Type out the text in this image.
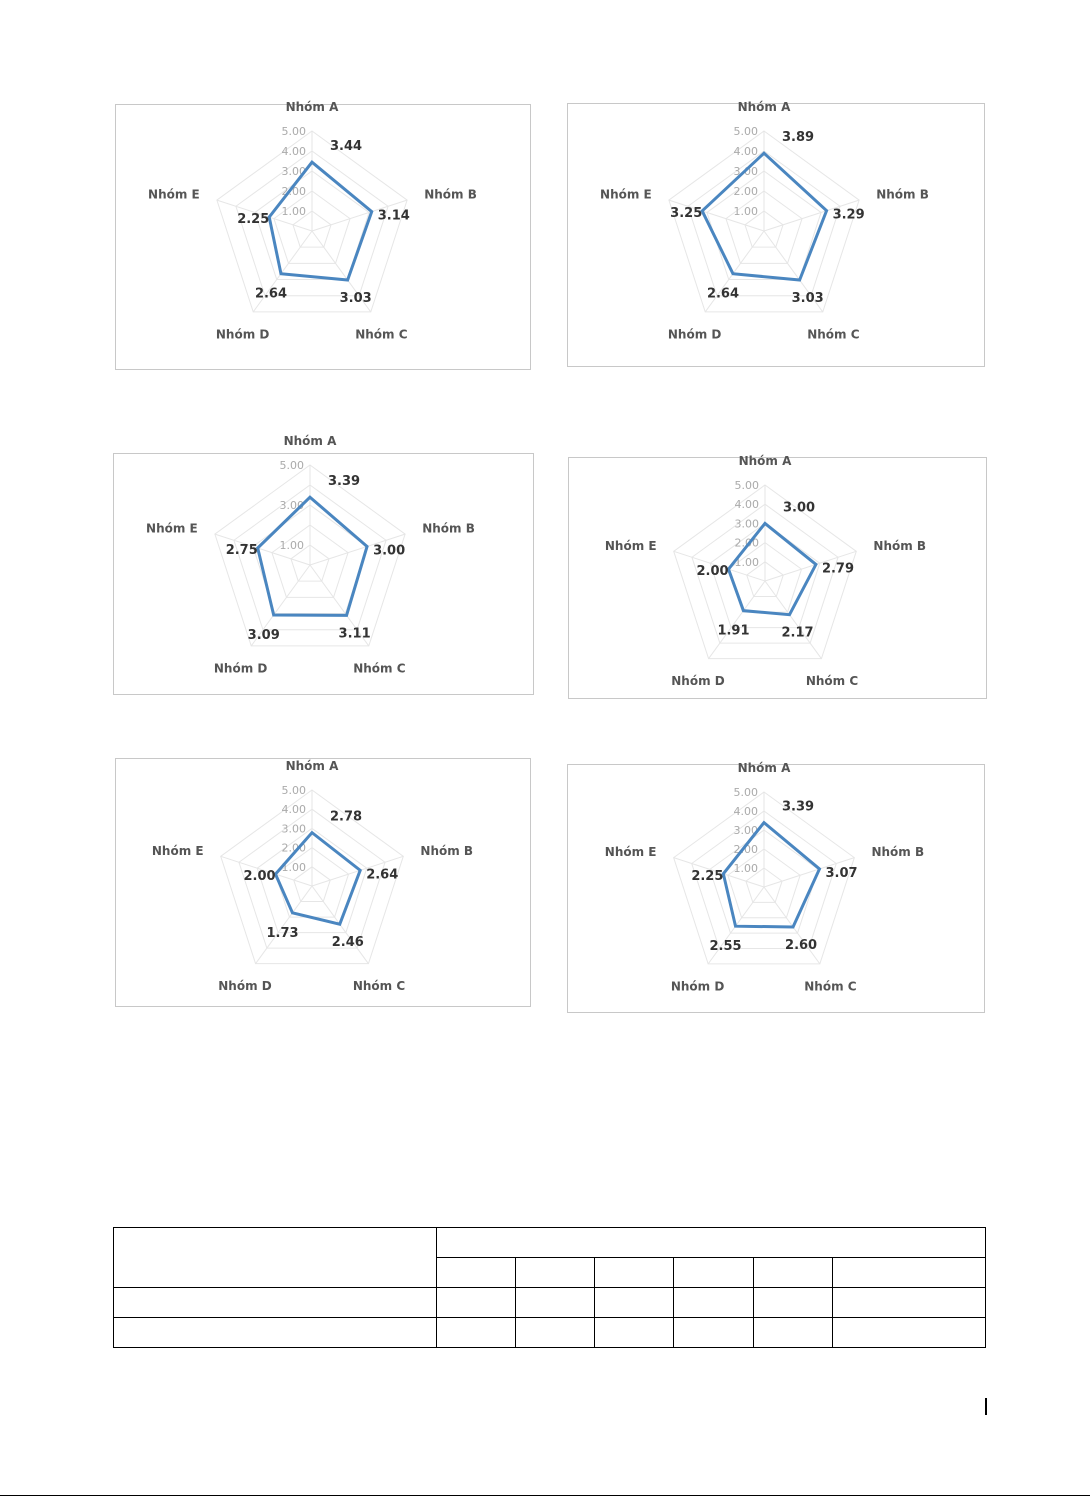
1.00
2.00
3.00
4.00
5.00
Nhóm A
Nhóm B
Nhóm C
Nhóm D
Nhóm E
3.44
3.14
3.03
2.64
2.25
1.00
2.00
3.00
4.00
5.00
Nhóm A
Nhóm B
Nhóm C
Nhóm D
Nhóm E
3.89
3.29
3.03
2.64
3.25
1.00
3.00
5.00
Nhóm A
Nhóm B
Nhóm C
Nhóm D
Nhóm E
3.39
3.00
3.11
3.09
2.75
1.00
2.00
3.00
4.00
5.00
Nhóm A
Nhóm B
Nhóm C
Nhóm D
Nhóm E
3.00
2.79
2.17
1.91
2.00
1.00
2.00
3.00
4.00
5.00
Nhóm A
Nhóm B
Nhóm C
Nhóm D
Nhóm E
2.78
2.64
2.46
1.73
2.00
1.00
2.00
3.00
4.00
5.00
Nhóm A
Nhóm B
Nhóm C
Nhóm D
Nhóm E
3.39
3.07
2.60
2.55
2.25
